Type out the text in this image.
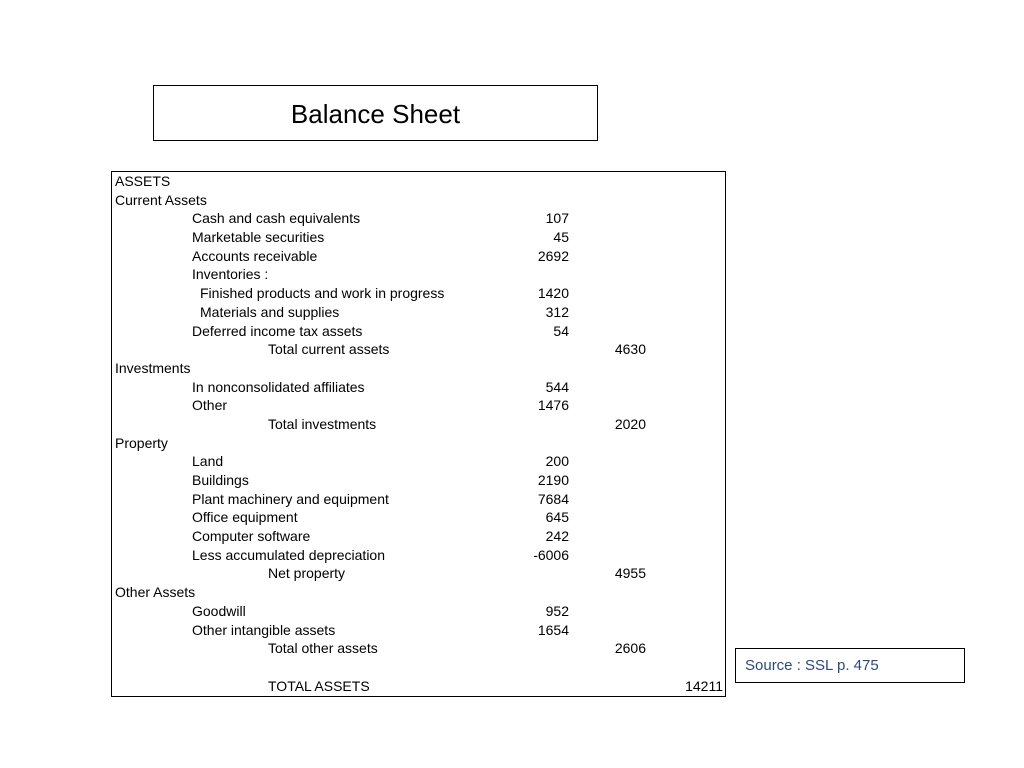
Balance Sheet
ASSETS
Current Assets
Cash and cash equivalents	107
Marketable securities	45
Accounts receivable	2692
Inventories :
Finished products and work in progress	1420
Materials and supplies	312
Deferred income tax assets	54
Total current assets	4630
Investments
In nonconsolidated affiliates	544
Other	1476
Total investments	2020
Property
Land	200
Buildings	2190
Plant machinery and equipment	7684
Office equipment	645
Computer software	242
Less accumulated depreciation	-6006
Net property	4955
Other Assets
Goodwill	952
Other intangible assets	1654
Total other assets	2606
TOTAL ASSETS	14211
Source : SSL p. 475
